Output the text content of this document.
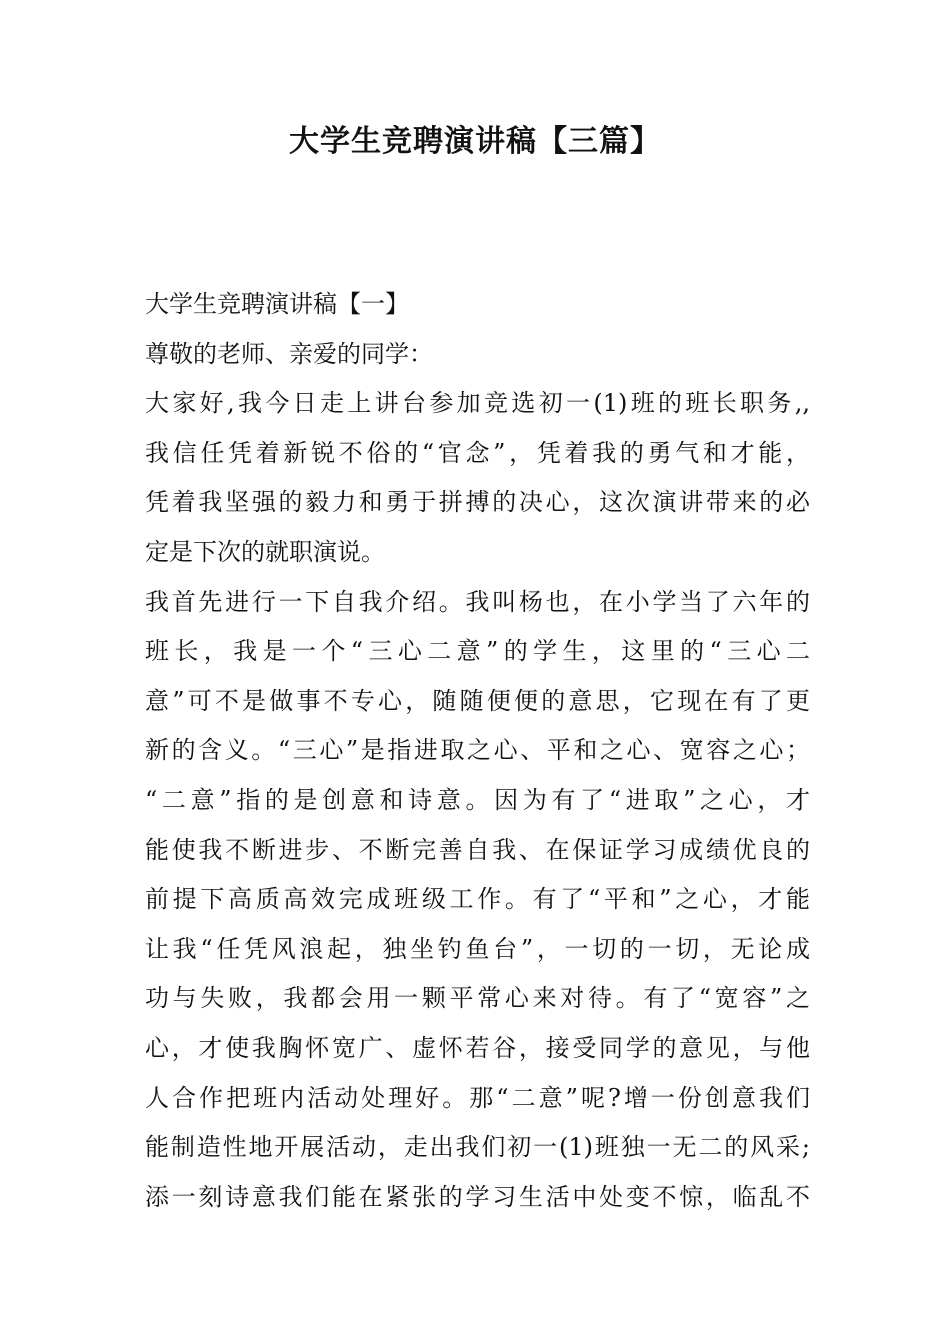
大学生竞聘演讲稿【三篇】
大学生竞聘演讲稿【一】
尊敬的老师、亲爱的同学：
大家好,我今日走上讲台参加竞选初一(1)班的班长职务,,
我信任凭着新锐不俗的“官念”，凭着我的勇气和才能，
凭着我坚强的毅力和勇于拼搏的决心，这次演讲带来的必
定是下次的就职演说。
我首先进行一下自我介绍。我叫杨也，在小学当了六年的
班长，我是一个“三心二意”的学生，这里的“三心二
意”可不是做事不专心，随随便便的意思，它现在有了更
新的含义。“三心”是指进取之心、平和之心、宽容之心；
“二意”指的是创意和诗意。因为有了“进取”之心，才
能使我不断进步、不断完善自我、在保证学习成绩优良的
前提下高质高效完成班级工作。有了“平和”之心，才能
让我“任凭风浪起，独坐钓鱼台”，一切的一切，无论成
功与失败，我都会用一颗平常心来对待。有了“宽容”之
心，才使我胸怀宽广、虚怀若谷，接受同学的意见，与他
人合作把班内活动处理好。那“二意”呢?增一份创意我们
能制造性地开展活动，走出我们初一(1)班独一无二的风采;
添一刻诗意我们能在紧张的学习生活中处变不惊，临乱不
